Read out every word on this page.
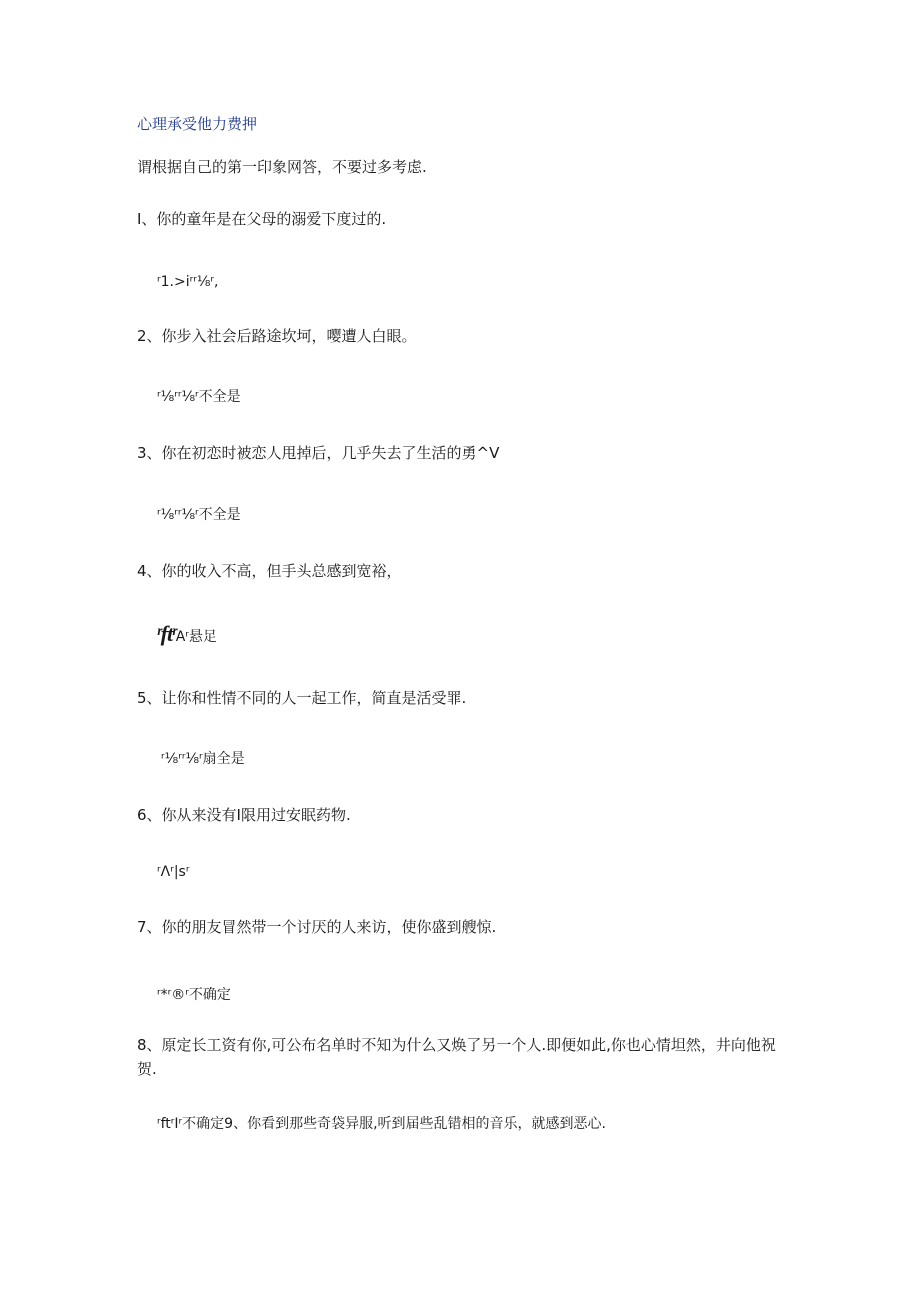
心理承受他力费押
谓根据自己的第一印象网答，不要过多考虑.
I、你的童年是在父母的溺爱下度过的.
ʳ1.>iʳʳ⅛ʳ,
2、你步入社会后路途坎坷，嘤遭人白眼。
ʳ⅛ʳʳ⅛ʳ不全是
3、你在初恋时被恋人甩掉后，几乎失去了生活的勇^V
ʳ⅛ʳʳ⅛ʳ不全是
4、你的收入不高，但手头总感到宽裕，
ʳftʳAʳ悬足
5、让你和性情不同的人一起工作，简直是活受罪.
ʳ⅛ʳʳ⅛ʳ扇全是
6、你从来没有I限用过安眠药物.
ʳΛʳ|sʳ
7、你的朋友冒然带一个讨厌的人来访，使你盛到艘惊.
ʳ*ʳ®ʳ不确定
8、原定长工资有你,可公布名单时不知为什么又焕了另一个人.即便如此,你也心情坦然，井向他祝贺.
ʳftʳIʳ不确定9、你看到那些奇袋异服,听到届些乱错相的音乐，就感到恶心.
